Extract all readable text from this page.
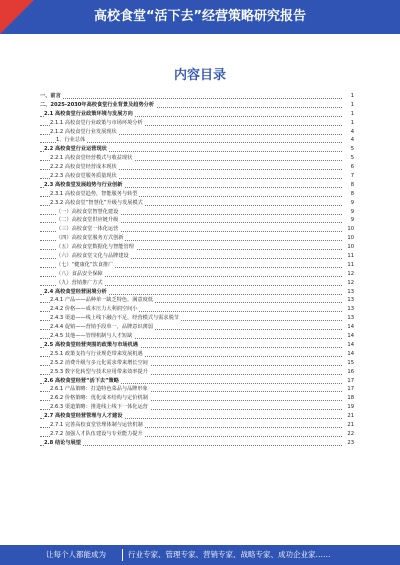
高校食堂“活下去”经营策略研究报告
内容目录
一、前言	1
二、2025-2030年高校食堂行业背景及趋势分析	1
2.1 高校食堂行业政策环境与发展方向	1
2.1.1 高校食堂行业政策与市场环境分析	1
2.1.2 高校食堂行业发展现状	4
1、行业总体	4
2.2 高校食堂行业运营现状	5
2.2.1 高校食堂经营模式与收益现状	5
2.2.2 高校食堂经营成本现状	6
2.2.3 高校食堂服务质量现状	7
2.3 高校食堂发展趋势与行业创新	8
2.3.1 高校食堂趋势，智能服务与转型	8
2.3.2 高校食堂“智慧化”升级与发展模式	9
（一）高校食堂智慧化建设	9
（二）高校食堂供应链升级	9
（三）高校食堂一体化运营	10
（四）高校食堂服务方式创新	10
（五）高校食堂数据化与智能管理	10
（六）高校食堂文化与品牌建设	11
（七）“健康化”饮食推广	11
（八）食品安全保障	12
（九）营销推广方式	12
2.4 高校食堂经营困境分析	13
2.4.1 产品——品种单一缺乏特色，满意度低	13
2.4.2 价格——成本压力大利润空间小	13
2.4.3 渠道——线上线下融合不足，经营模式与需求脱节	13
2.4.4 促销——营销手段单一，品牌意识薄弱	14
2.4.5 其他——管理机制与人才短缺	14
2.5 高校食堂经营突围的政策与市场机遇	14
2.5.1 政策支持与行业规范带来发展机遇	14
2.5.2 消费升级与多元化需求带来增长空间	15
2.5.3 数字化转型与技术应用带来效率提升	16
2.6 高校食堂经营“活下去”策略	17
2.6.1 产品策略：打造特色菜品与品牌形象	17
2.6.2 价格策略：优化成本结构与定价机制	18
2.6.3 渠道策略：推进线上线下一体化运营	19
2.7 高校食堂经营管理与人才建设	21
2.7.1 完善高校食堂管理体制与运营机制	21
2.7.2 加强人才队伍建设与专业能力提升	22
2.8 结论与展望	23
让每个人都能成为	行业专家、管理专家、营销专家、战略专家、成功企业家……
